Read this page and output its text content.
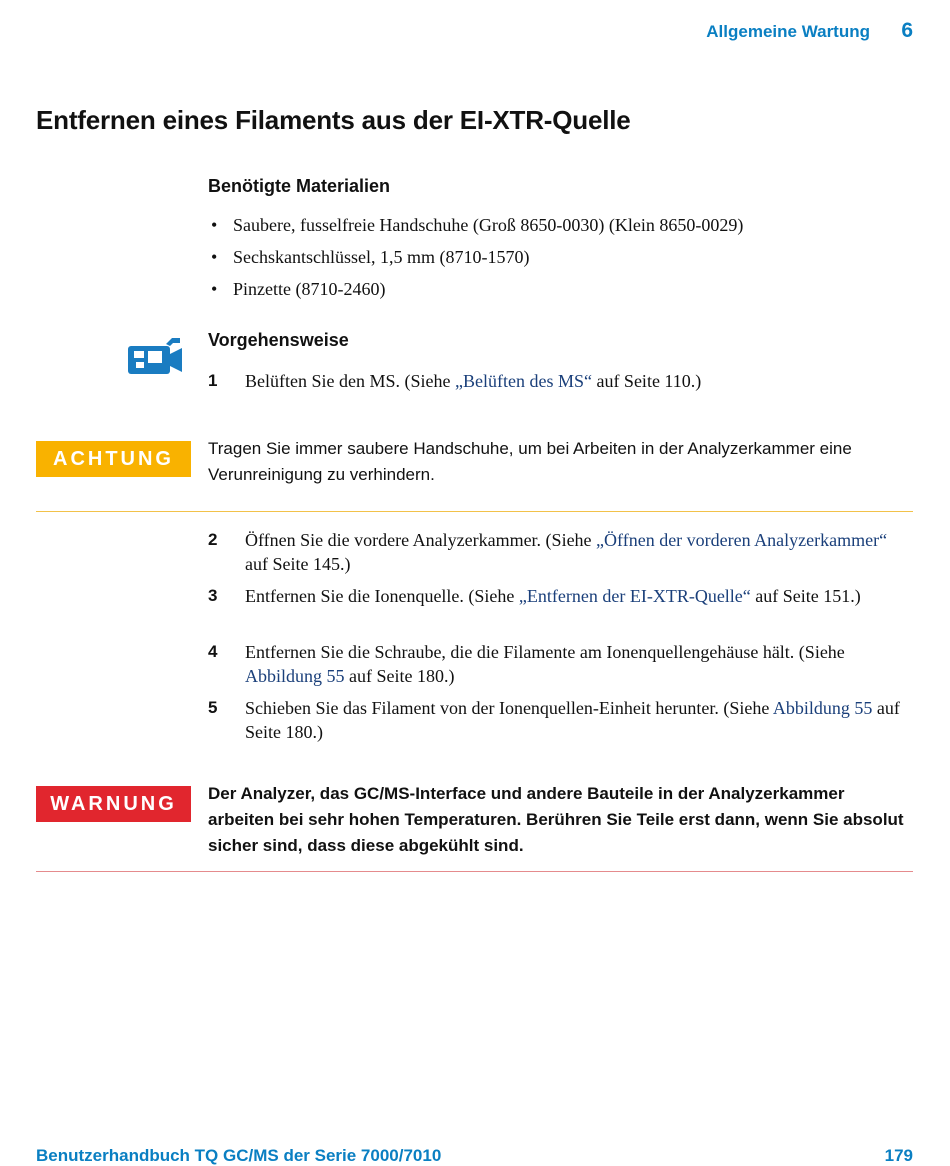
Allgemeine Wartung 6
Entfernen eines Filaments aus der EI-XTR-Quelle
Benötigte Materialien
• Saubere, fusselfreie Handschuhe (Groß 8650-0030) (Klein 8650-0029)
• Sechskantschlüssel, 1,5 mm (8710-1570)
• Pinzette (8710-2460)
Vorgehensweise
1 Belüften Sie den MS. (Siehe „Belüften des MS“ auf Seite 110.)
ACHTUNG	Tragen Sie immer saubere Handschuhe, um bei Arbeiten in der Analyzerkammer eine Verunreinigung zu verhindern.
2 Öffnen Sie die vordere Analyzerkammer. (Siehe „Öffnen der vorderen Analyzerkammer“ auf Seite 145.)
3 Entfernen Sie die Ionenquelle. (Siehe „Entfernen der EI-XTR-Quelle“ auf Seite 151.)
4 Entfernen Sie die Schraube, die die Filamente am Ionenquellengehäuse hält. (Siehe Abbildung 55 auf Seite 180.)
5 Schieben Sie das Filament von der Ionenquellen-Einheit herunter. (Siehe Abbildung 55 auf Seite 180.)
WARNUNG	Der Analyzer, das GC/MS-Interface und andere Bauteile in der Analyzerkammer arbeiten bei sehr hohen Temperaturen. Berühren Sie Teile erst dann, wenn Sie absolut sicher sind, dass diese abgekühlt sind.
Benutzerhandbuch TQ GC/MS der Serie 7000/7010	179
